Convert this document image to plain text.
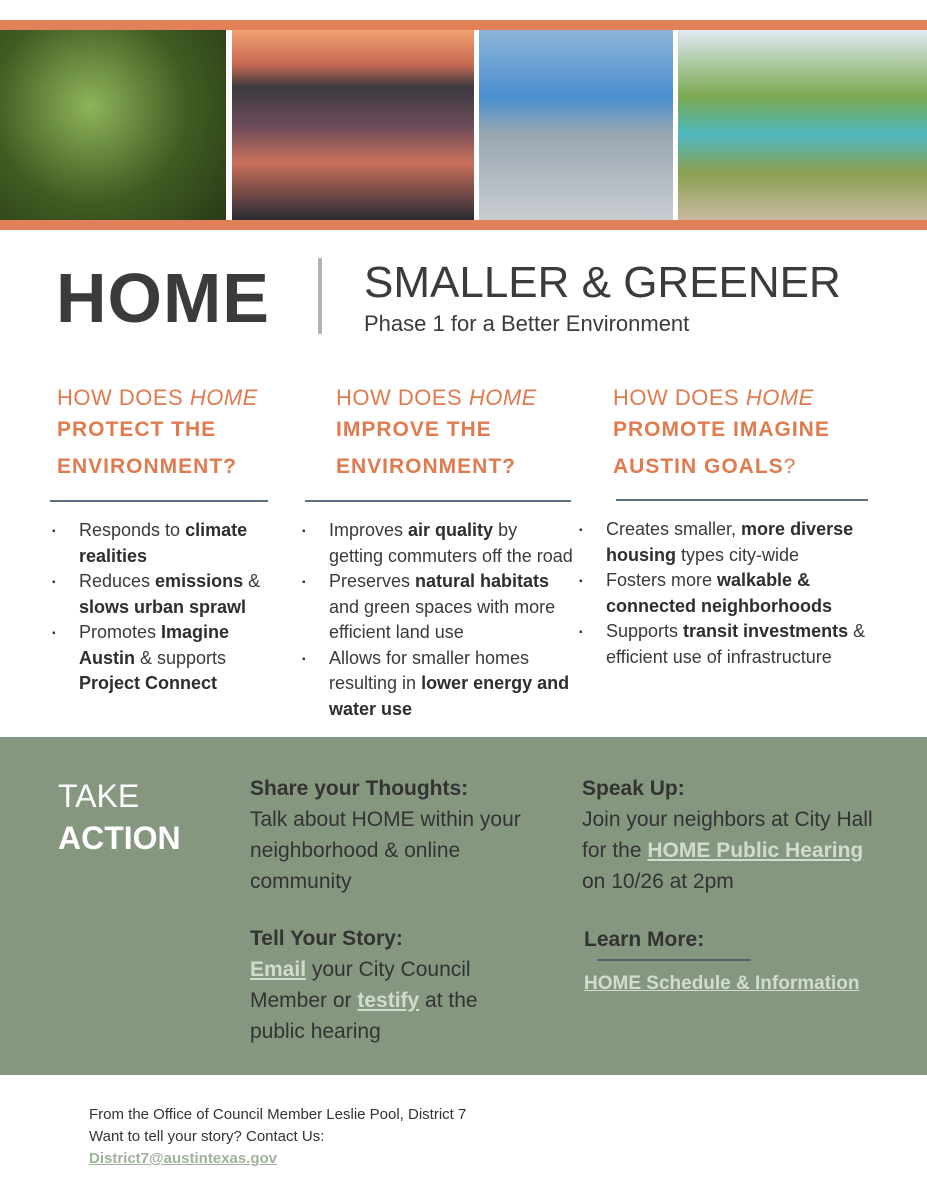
HOME SMALLER & GREENER
Phase 1 for a Better Environment
HOW DOES HOME
PROTECT THE ENVIRONMENT?
▪ Responds to climate realities
▪ Reduces emissions & slows urban sprawl
▪ Promotes Imagine Austin & supports Project Connect
HOW DOES HOME
IMPROVE THE ENVIRONMENT?
▪ Improves air quality by getting commuters off the road
▪ Preserves natural habitats and green spaces with more efficient land use
▪ Allows for smaller homes resulting in lower energy and water use
HOW DOES HOME
PROMOTE IMAGINE AUSTIN GOALS?
▪ Creates smaller, more diverse housing types city-wide
▪ Fosters more walkable & connected neighborhoods
▪ Supports transit investments & efficient use of infrastructure
TAKE
ACTION
Share your Thoughts:

Talk about HOME within your neighborhood & online community

Speak Up:

Join your neighbors at City Hall for the HOME Public Hearing on 10/26 at 2pm

Tell Your Story:

Email your City Council Member or testify at the public hearing

Learn More:
HOME Schedule & Information
From the Office of Council Member Leslie Pool, District 7
Want to tell your story? Contact Us:
District7@austintexas.gov
